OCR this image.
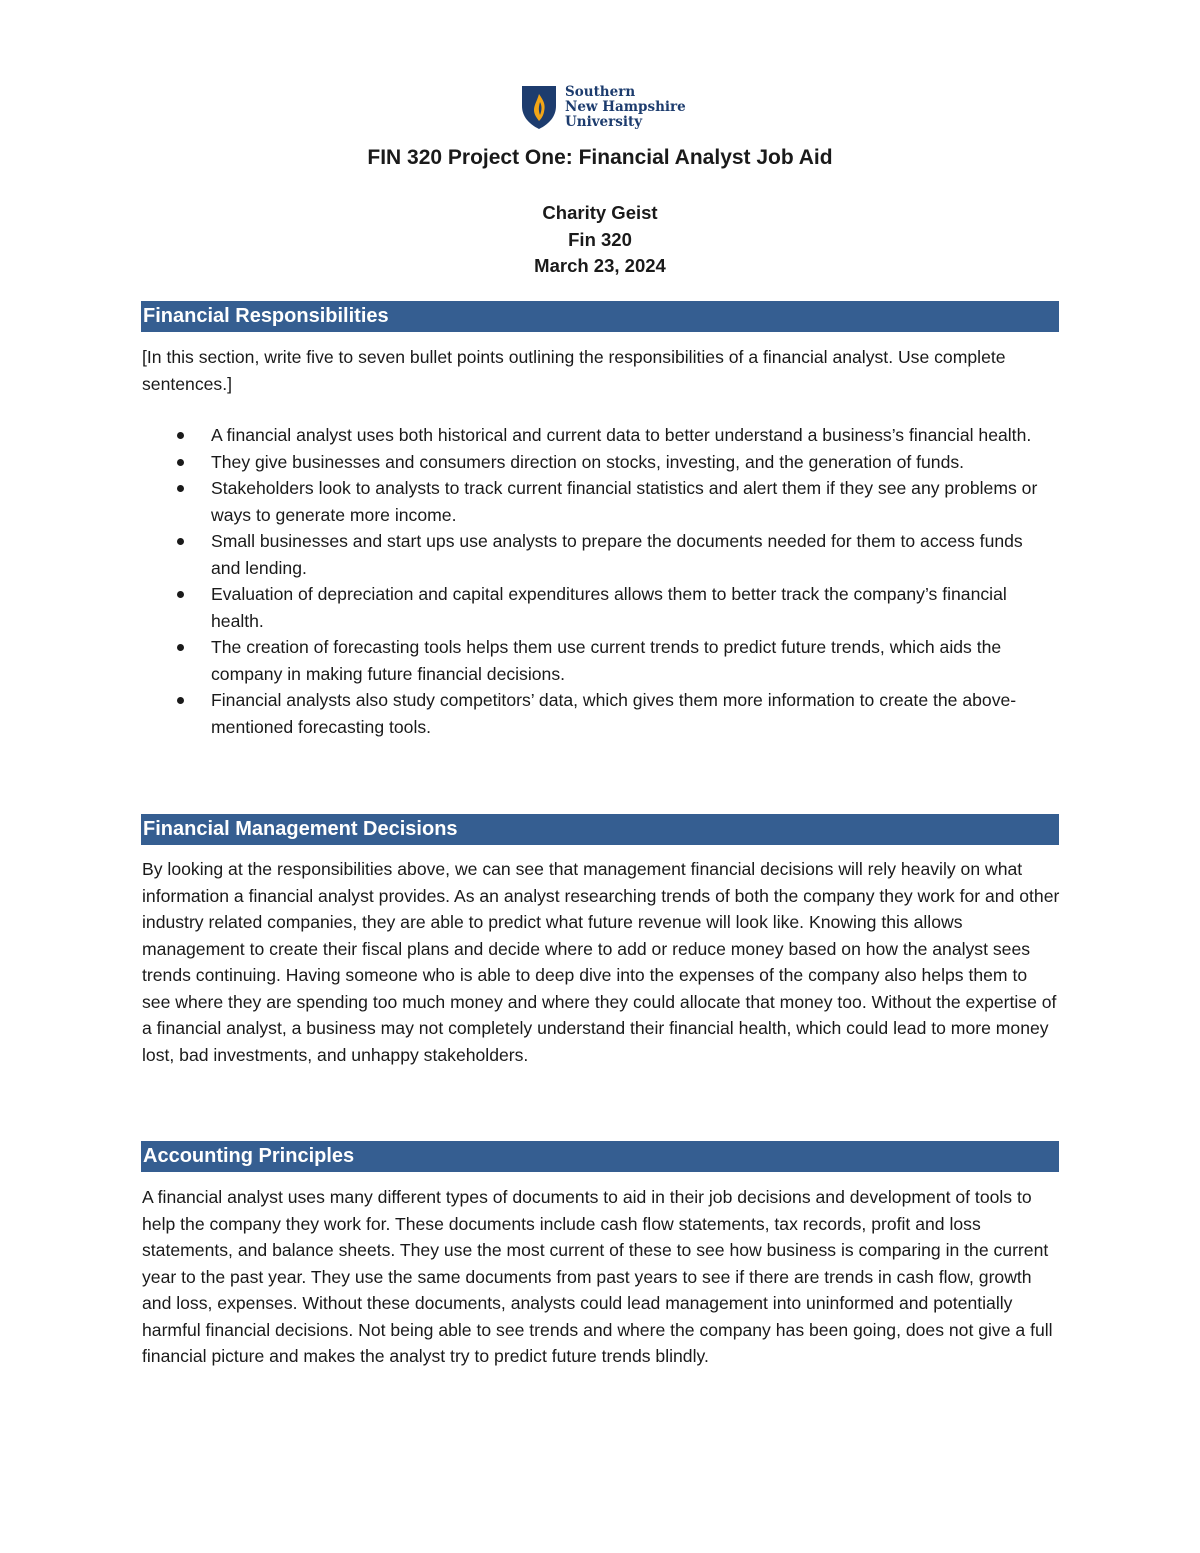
Southern
New Hampshire
University
FIN 320 Project One: Financial Analyst Job Aid
Charity Geist
Fin 320
March 23, 2024
Financial Responsibilities
[In this section, write five to seven bullet points outlining the responsibilities of a financial analyst. Use complete sentences.]
A financial analyst uses both historical and current data to better understand a business’s financial health.
They give businesses and consumers direction on stocks, investing, and the generation of funds.
Stakeholders look to analysts to track current financial statistics and alert them if they see any problems or ways to generate more income.
Small businesses and start ups use analysts to prepare the documents needed for them to access funds and lending.
Evaluation of depreciation and capital expenditures allows them to better track the company’s financial health.
The creation of forecasting tools helps them use current trends to predict future trends, which aids the company in making future financial decisions.
Financial analysts also study competitors’ data, which gives them more information to create the above-mentioned forecasting tools.
Financial Management Decisions
By looking at the responsibilities above, we can see that management financial decisions will rely heavily on what information a financial analyst provides. As an analyst researching trends of both the company they work for and other industry related companies, they are able to predict what future revenue will look like. Knowing this allows management to create their fiscal plans and decide where to add or reduce money based on how the analyst sees trends continuing. Having someone who is able to deep dive into the expenses of the company also helps them to see where they are spending too much money and where they could allocate that money too. Without the expertise of a financial analyst, a business may not completely understand their financial health, which could lead to more money lost, bad investments, and unhappy stakeholders.
Accounting Principles
A financial analyst uses many different types of documents to aid in their job decisions and development of tools to help the company they work for. These documents include cash flow statements, tax records, profit and loss statements, and balance sheets. They use the most current of these to see how business is comparing in the current year to the past year. They use the same documents from past years to see if there are trends in cash flow, growth and loss, expenses. Without these documents, analysts could lead management into uninformed and potentially harmful financial decisions. Not being able to see trends and where the company has been going, does not give a full financial picture and makes the analyst try to predict future trends blindly.
